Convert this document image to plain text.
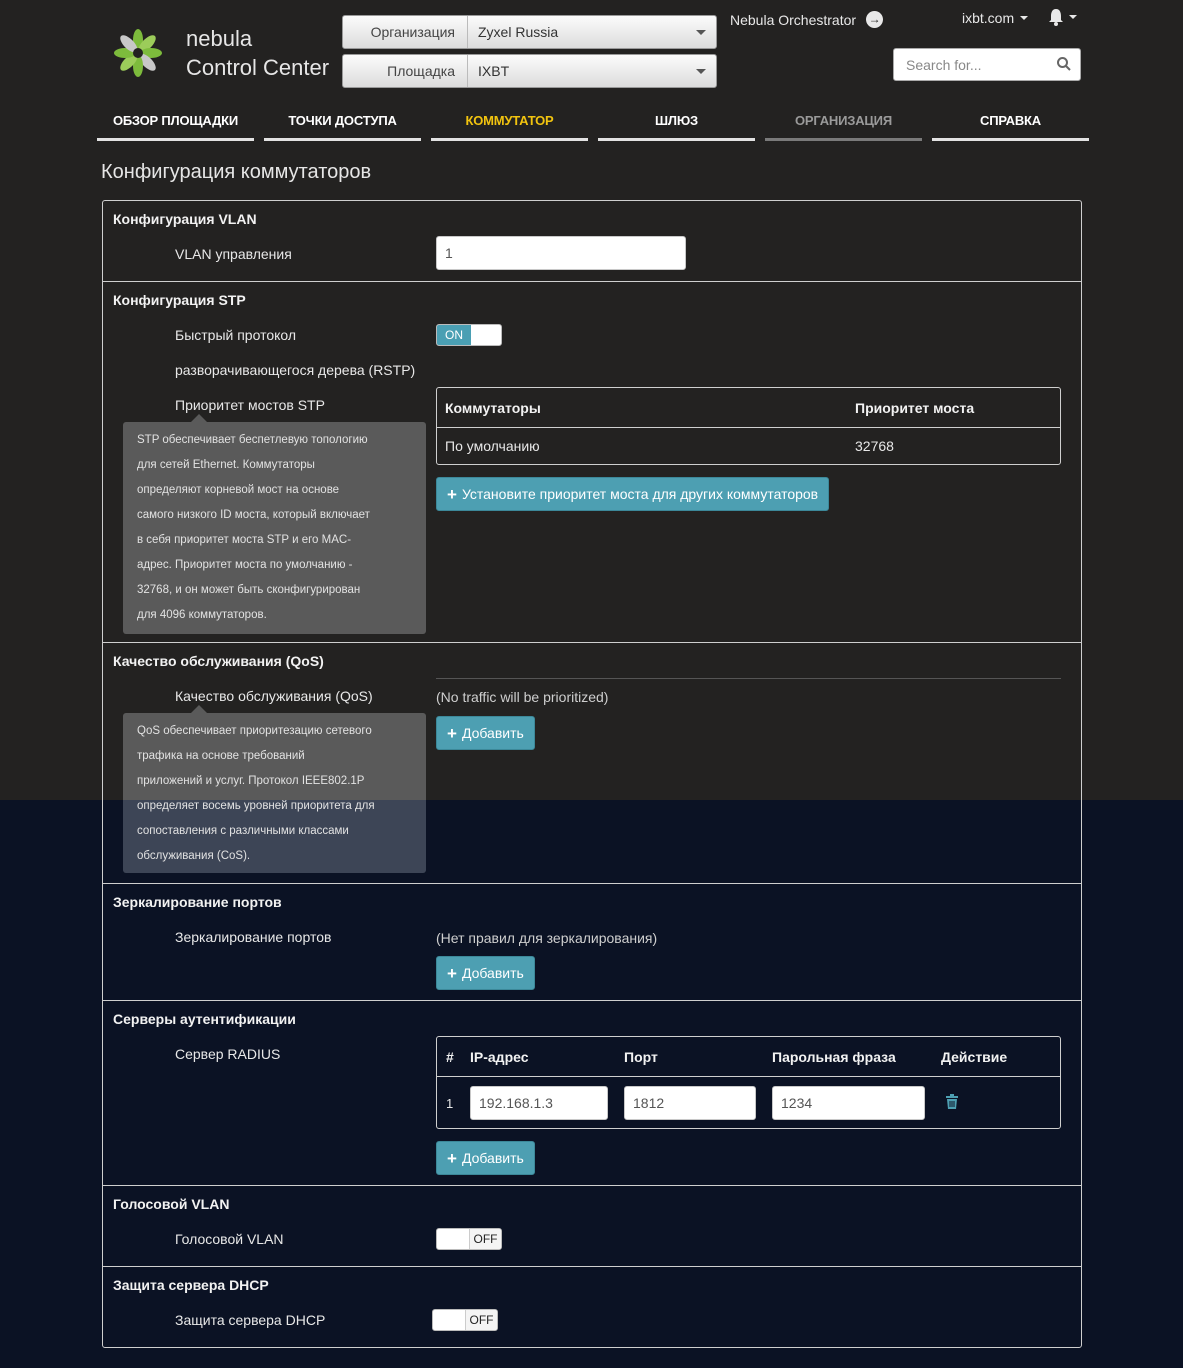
nebula
Control Center
Организация	Zyxel Russia
Площадка	IXBT
Nebula Orchestrator →	ixbt.com
Search for...
ОБЗОР ПЛОЩАДКИ	ТОЧКИ ДОСТУПА	КОММУТАТОР	ШЛЮЗ	ОРГАНИЗАЦИЯ	СПРАВКА
Конфигурация коммутаторов
Конфигурация VLAN
VLAN управления	1
Конфигурация STP
Быстрый протокол
разворачивающегося дерева (RSTP)
ON
Приоритет мостов STP	Коммутаторы	Приоритет моста
По умолчанию	32768
+ Установите приоритет моста для других коммутаторов
STP обеспечивает беспетлевую топологию
для сетей Ethernet. Коммутаторы
определяют корневой мост на основе
самого низкого ID моста, который включает
в себя приоритет моста STP и его MAC-
адрес. Приоритет моста по умолчанию -
32768, и он может быть сконфигурирован
для 4096 коммутаторов.
Качество обслуживания (QoS)
Качество обслуживания (QoS)	(No traffic will be prioritized)
+ Добавить
QoS обеспечивает приоритезацию сетевого
трафика на основе требований
приложений и услуг. Протокол IEEE802.1P
определяет восемь уровней приоритета для
сопоставления с различными классами
обслуживания (CoS).
Зеркалирование портов
Зеркалирование портов	(Нет правил для зеркалирования)
+ Добавить
Серверы аутентификации
Сервер RADIUS	# IP-адрес	Порт	Парольная фраза	Действие
1	192.168.1.3	1812	1234
+ Добавить
Голосовой VLAN
Голосовой VLAN	OFF
Защита сервера DHCP
Защита сервера DHCP	OFF
